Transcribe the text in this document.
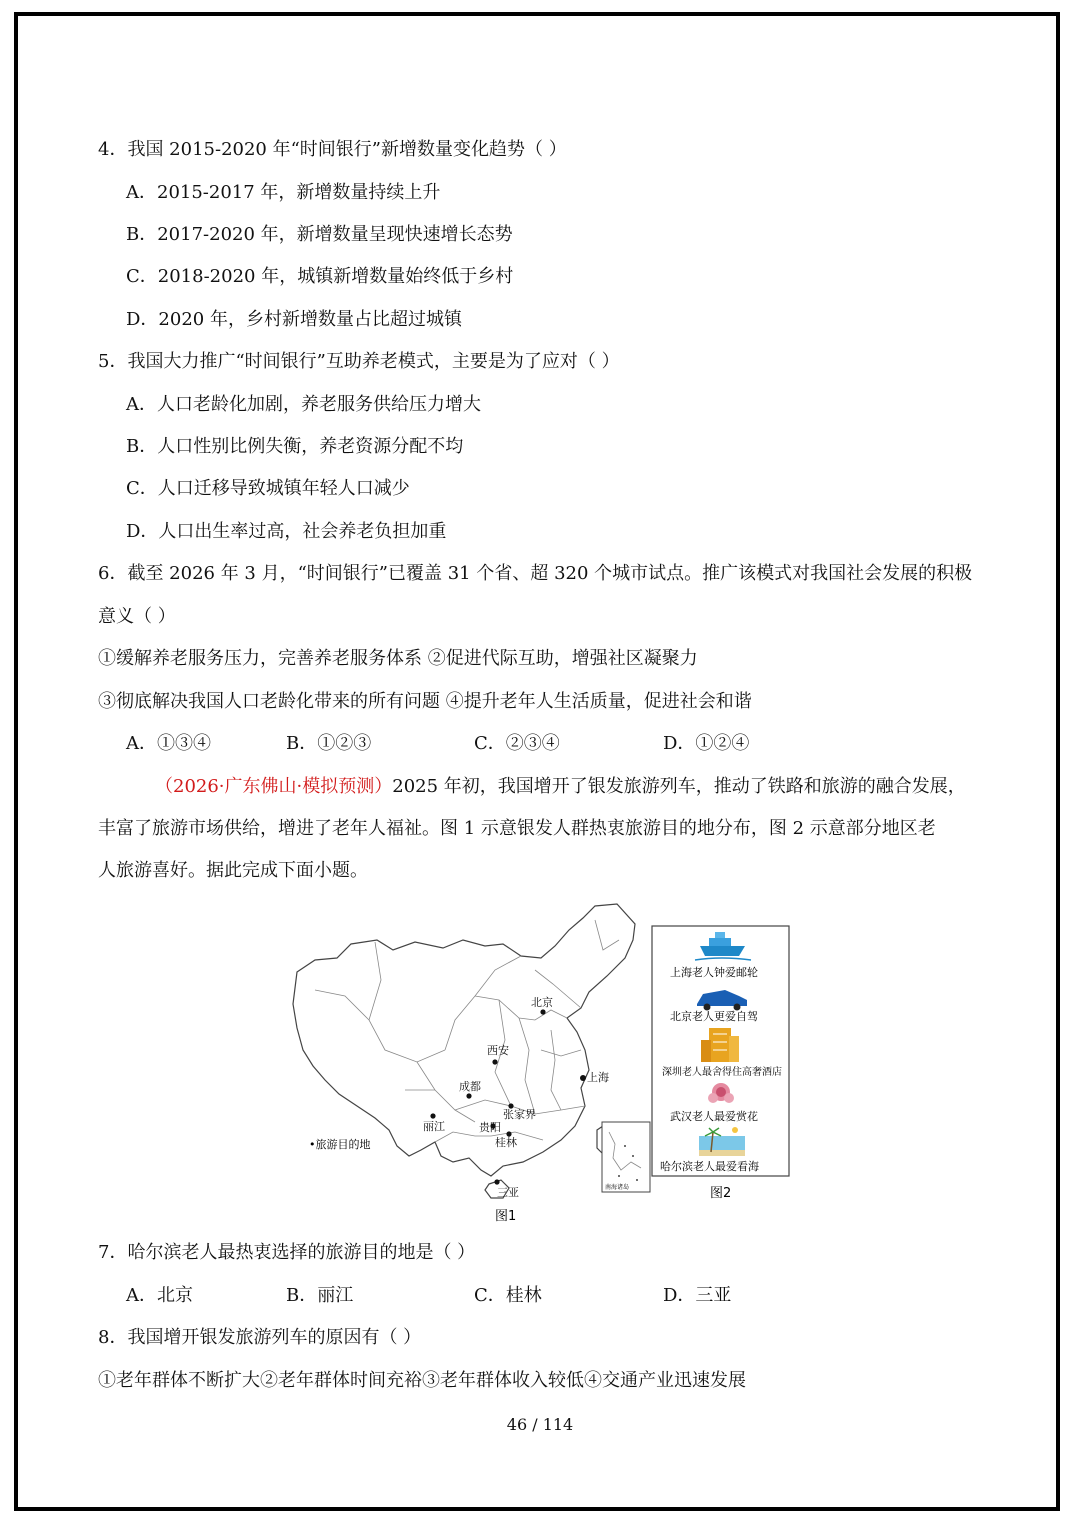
4．我国 2015-2020 年“时间银行”新增数量变化趋势（ ）
A．2015-2017 年，新增数量持续上升
B．2017-2020 年，新增数量呈现快速增长态势
C．2018-2020 年，城镇新增数量始终低于乡村
D．2020 年，乡村新增数量占比超过城镇
5．我国大力推广“时间银行”互助养老模式，主要是为了应对（ ）
A．人口老龄化加剧，养老服务供给压力增大
B．人口性别比例失衡，养老资源分配不均
C．人口迁移导致城镇年轻人口减少
D．人口出生率过高，社会养老负担加重
6．截至 2026 年 3 月，“时间银行”已覆盖 31 个省、超 320 个城市试点。推广该模式对我国社会发展的积极
意义（ ）
①缓解养老服务压力，完善养老服务体系 ②促进代际互助，增强社区凝聚力
③彻底解决我国人口老龄化带来的所有问题 ④提升老年人生活质量，促进社会和谐
A．①③④	B．①②③	C．②③④	D．①②④
（2026·广东佛山·模拟预测）2025 年初，我国增开了银发旅游列车，推动了铁路和旅游的融合发展，
丰富了旅游市场供给，增进了老年人福祉。图 1 示意银发人群热衷旅游目的地分布，图 2 示意部分地区老
人旅游喜好。据此完成下面小题。
北京
西安
上海
成都
张家界
丽江	贵阳
桂林
三亚
•旅游目的地
南海诸岛
图1
上海老人钟爱邮轮
北京老人更爱自驾
深圳老人最舍得住高奢酒店
武汉老人最爱赏花
哈尔滨老人最爱看海
图2
7．哈尔滨老人最热衷选择的旅游目的地是（ ）
A．北京	B．丽江	C．桂林	D．三亚
8．我国增开银发旅游列车的原因有（ ）
①老年群体不断扩大②老年群体时间充裕③老年群体收入较低④交通产业迅速发展
46 / 114
